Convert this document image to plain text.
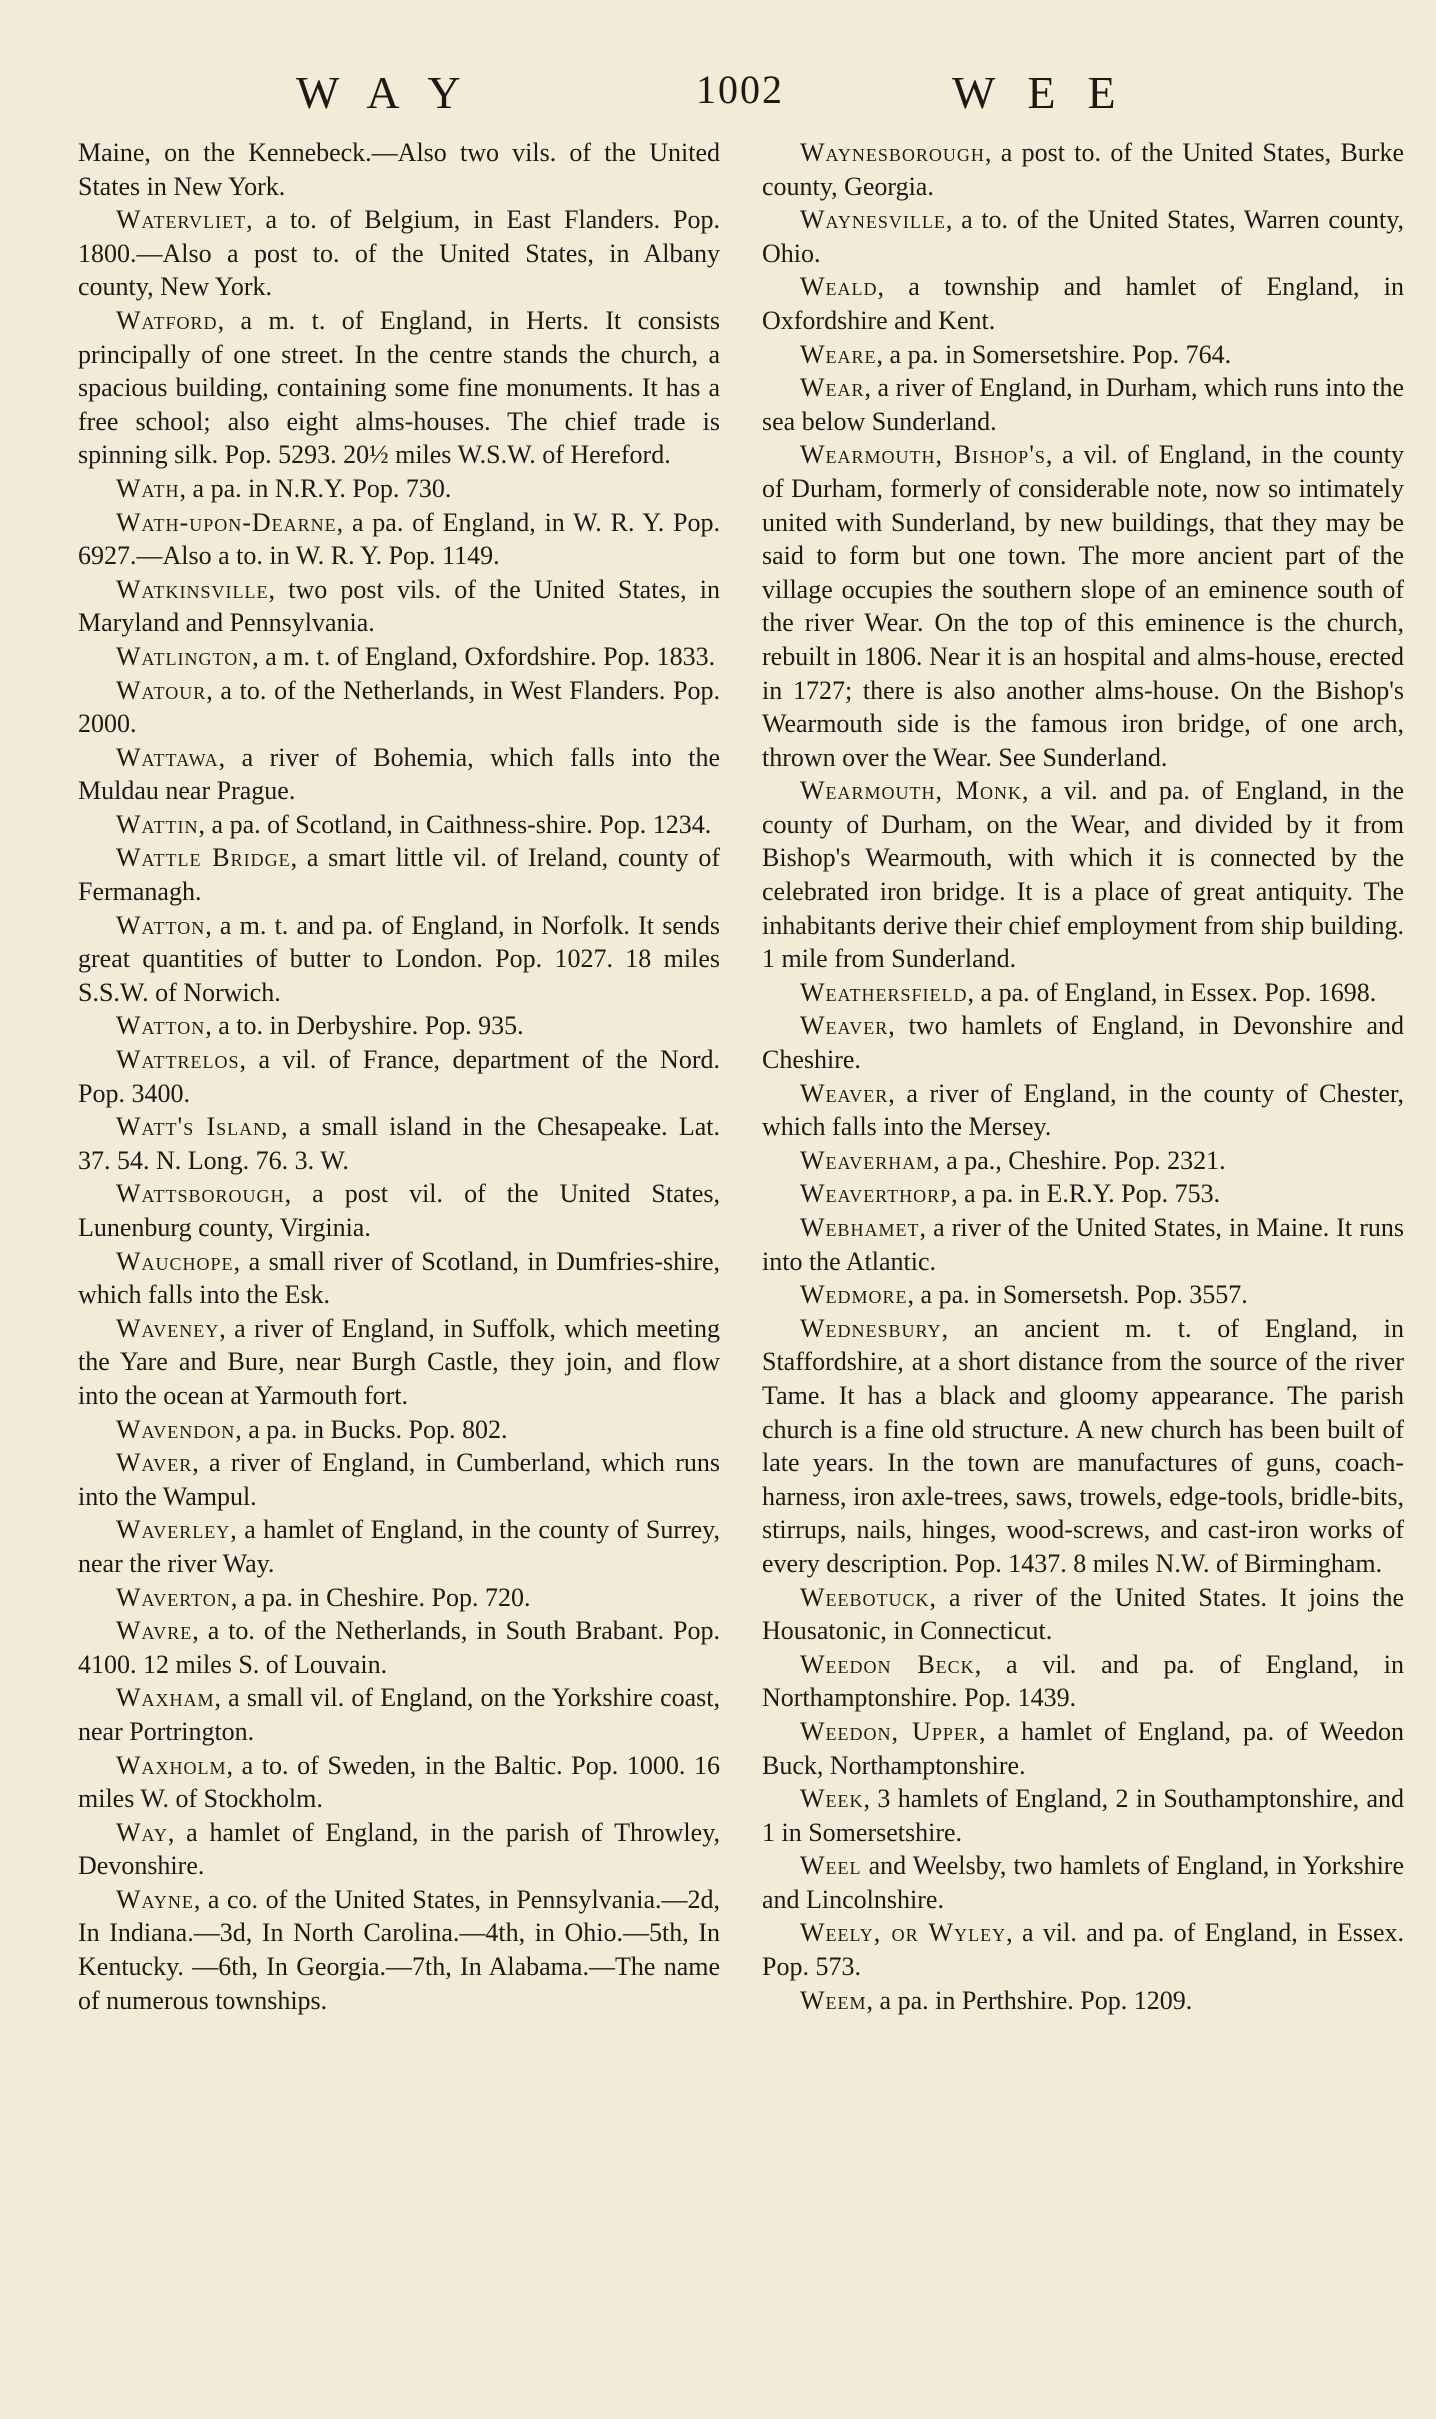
WAY	1002	WEE

Maine, on the Kennebeck.—Also two vils. of the United States in New York.

Watervliet, a to. of Belgium, in East Flanders. Pop. 1800.—Also a post to. of the United States, in Albany county, New York.

Watford, a m. t. of England, in Herts. It consists principally of one street. In the centre stands the church, a spacious building, containing some fine monuments. It has a free school; also eight alms-houses. The chief trade is spinning silk. Pop. 5293. 20½ miles W.S.W. of Hereford.

Wath, a pa. in N.R.Y. Pop. 730.

Wath-upon-Dearne, a pa. of England, in W. R. Y. Pop. 6927.—Also a to. in W. R. Y. Pop. 1149.

Watkinsville, two post vils. of the United States, in Maryland and Pennsylvania.

Watlington, a m. t. of England, Oxfordshire. Pop. 1833.

Watour, a to. of the Netherlands, in West Flanders. Pop. 2000.

Wattawa, a river of Bohemia, which falls into the Muldau near Prague.

Wattin, a pa. of Scotland, in Caithness-shire. Pop. 1234.

Wattle Bridge, a smart little vil. of Ireland, county of Fermanagh.

Watton, a m. t. and pa. of England, in Norfolk. It sends great quantities of butter to London. Pop. 1027. 18 miles S.S.W. of Norwich.

Watton, a to. in Derbyshire. Pop. 935.

Wattrelos, a vil. of France, department of the Nord. Pop. 3400.

Watt's Island, a small island in the Chesapeake. Lat. 37. 54. N. Long. 76. 3. W.

Wattsborough, a post vil. of the United States, Lunenburg county, Virginia.

Wauchope, a small river of Scotland, in Dumfries-shire, which falls into the Esk.

Waveney, a river of England, in Suffolk, which meeting the Yare and Bure, near Burgh Castle, they join, and flow into the ocean at Yarmouth fort.

Wavendon, a pa. in Bucks. Pop. 802.

Waver, a river of England, in Cumberland, which runs into the Wampul.

Waverley, a hamlet of England, in the county of Surrey, near the river Way.

Waverton, a pa. in Cheshire. Pop. 720.

Wavre, a to. of the Netherlands, in South Brabant. Pop. 4100. 12 miles S. of Louvain.

Waxham, a small vil. of England, on the Yorkshire coast, near Portrington.

Waxholm, a to. of Sweden, in the Baltic. Pop. 1000. 16 miles W. of Stockholm.

Way, a hamlet of England, in the parish of Throwley, Devonshire.

Wayne, a co. of the United States, in Pennsylvania.—2d, In Indiana.—3d, In North Carolina.—4th, in Ohio.—5th, In Kentucky. —6th, In Georgia.—7th, In Alabama.—The name of numerous townships.

Waynesborough, a post to. of the United States, Burke county, Georgia.

Waynesville, a to. of the United States, Warren county, Ohio.

Weald, a township and hamlet of England, in Oxfordshire and Kent.

Weare, a pa. in Somersetshire. Pop. 764.

Wear, a river of England, in Durham, which runs into the sea below Sunderland.

Wearmouth, Bishop's, a vil. of England, in the county of Durham, formerly of considerable note, now so intimately united with Sunderland, by new buildings, that they may be said to form but one town. The more ancient part of the village occupies the southern slope of an eminence south of the river Wear. On the top of this eminence is the church, rebuilt in 1806. Near it is an hospital and alms-house, erected in 1727; there is also another alms-house. On the Bishop's Wearmouth side is the famous iron bridge, of one arch, thrown over the Wear. See Sunderland.

Wearmouth, Monk, a vil. and pa. of England, in the county of Durham, on the Wear, and divided by it from Bishop's Wearmouth, with which it is connected by the celebrated iron bridge. It is a place of great antiquity. The inhabitants derive their chief employment from ship building. 1 mile from Sunderland.

Weathersfield, a pa. of England, in Essex. Pop. 1698.

Weaver, two hamlets of England, in Devonshire and Cheshire.

Weaver, a river of England, in the county of Chester, which falls into the Mersey.

Weaverham, a pa., Cheshire. Pop. 2321.

Weaverthorp, a pa. in E.R.Y. Pop. 753.

Webhamet, a river of the United States, in Maine. It runs into the Atlantic.

Wedmore, a pa. in Somersetsh. Pop. 3557.

Wednesbury, an ancient m. t. of England, in Staffordshire, at a short distance from the source of the river Tame. It has a black and gloomy appearance. The parish church is a fine old structure. A new church has been built of late years. In the town are manufactures of guns, coach-harness, iron axle-trees, saws, trowels, edge-tools, bridle-bits, stirrups, nails, hinges, wood-screws, and cast-iron works of every description. Pop. 1437. 8 miles N.W. of Birmingham.

Weebotuck, a river of the United States. It joins the Housatonic, in Connecticut.

Weedon Beck, a vil. and pa. of England, in Northamptonshire. Pop. 1439.

Weedon, Upper, a hamlet of England, pa. of Weedon Buck, Northamptonshire.

Week, 3 hamlets of England, 2 in Southamptonshire, and 1 in Somersetshire.

Weel and Weelsby, two hamlets of England, in Yorkshire and Lincolnshire.

Weely, or Wyley, a vil. and pa. of England, in Essex. Pop. 573.

Weem, a pa. in Perthshire. Pop. 1209.
